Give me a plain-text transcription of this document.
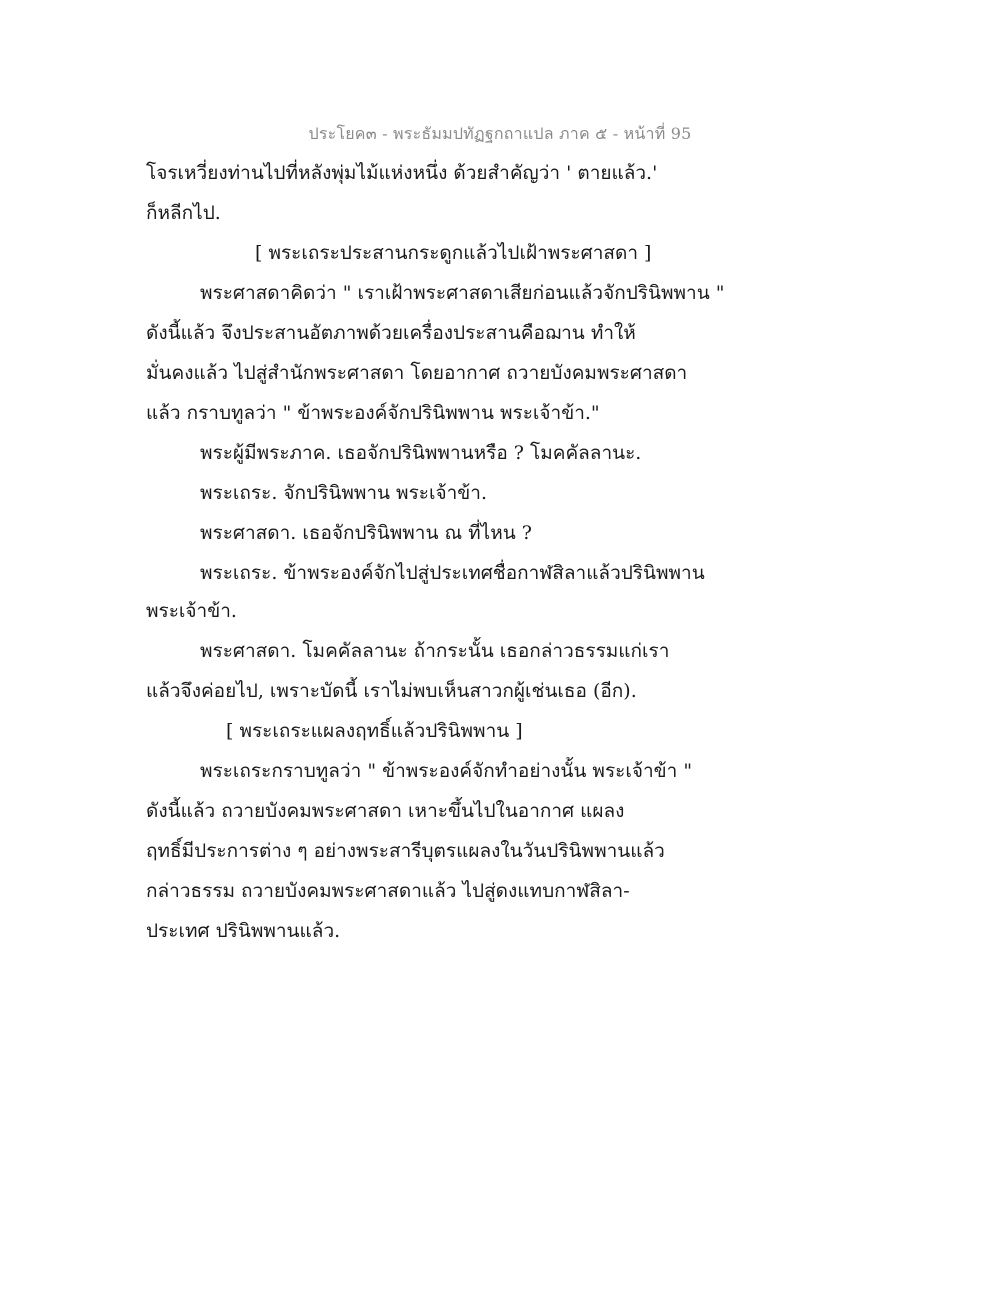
ประโยค๓ - พระธัมมปทัฏฐกถาแปล ภาค ๕ - หน้าที่ 95
โจรเหวี่ยงท่านไปที่หลังพุ่มไม้แห่งหนึ่ง ด้วยสำคัญว่า ' ตายแล้ว.'
ก็หลีกไป.
[ พระเถระประสานกระดูกแล้วไปเฝ้าพระศาสดา ]
พระศาสดาคิดว่า " เราเฝ้าพระศาสดาเสียก่อนแล้วจักปรินิพพาน "
ดังนี้แล้ว จึงประสานอัตภาพด้วยเครื่องประสานคือฌาน ทำให้
มั่นคงแล้ว ไปสู่สำนักพระศาสดา โดยอากาศ ถวายบังคมพระศาสดา
แล้ว กราบทูลว่า " ข้าพระองค์จักปรินิพพาน พระเจ้าข้า."
พระผู้มีพระภาค. เธอจักปรินิพพานหรือ ? โมคคัลลานะ.
พระเถระ. จักปรินิพพาน พระเจ้าข้า.
พระศาสดา. เธอจักปรินิพพาน ณ ที่ไหน ?
พระเถระ. ข้าพระองค์จักไปสู่ประเทศชื่อกาฬสิลาแล้วปรินิพพาน
พระเจ้าข้า.
พระศาสดา. โมคคัลลานะ ถ้ากระนั้น เธอกล่าวธรรมแก่เรา
แล้วจึงค่อยไป, เพราะบัดนี้ เราไม่พบเห็นสาวกผู้เช่นเธอ (อีก).
[ พระเถระแผลงฤทธิ์แล้วปรินิพพาน ]
พระเถระกราบทูลว่า " ข้าพระองค์จักทำอย่างนั้น พระเจ้าข้า "
ดังนี้แล้ว ถวายบังคมพระศาสดา เหาะขึ้นไปในอากาศ แผลง
ฤทธิ์มีประการต่าง ๆ อย่างพระสารีบุตรแผลงในวันปรินิพพานแล้ว
กล่าวธรรม ถวายบังคมพระศาสดาแล้ว ไปสู่ดงแทบกาฬสิลา-
ประเทศ ปรินิพพานแล้ว.
